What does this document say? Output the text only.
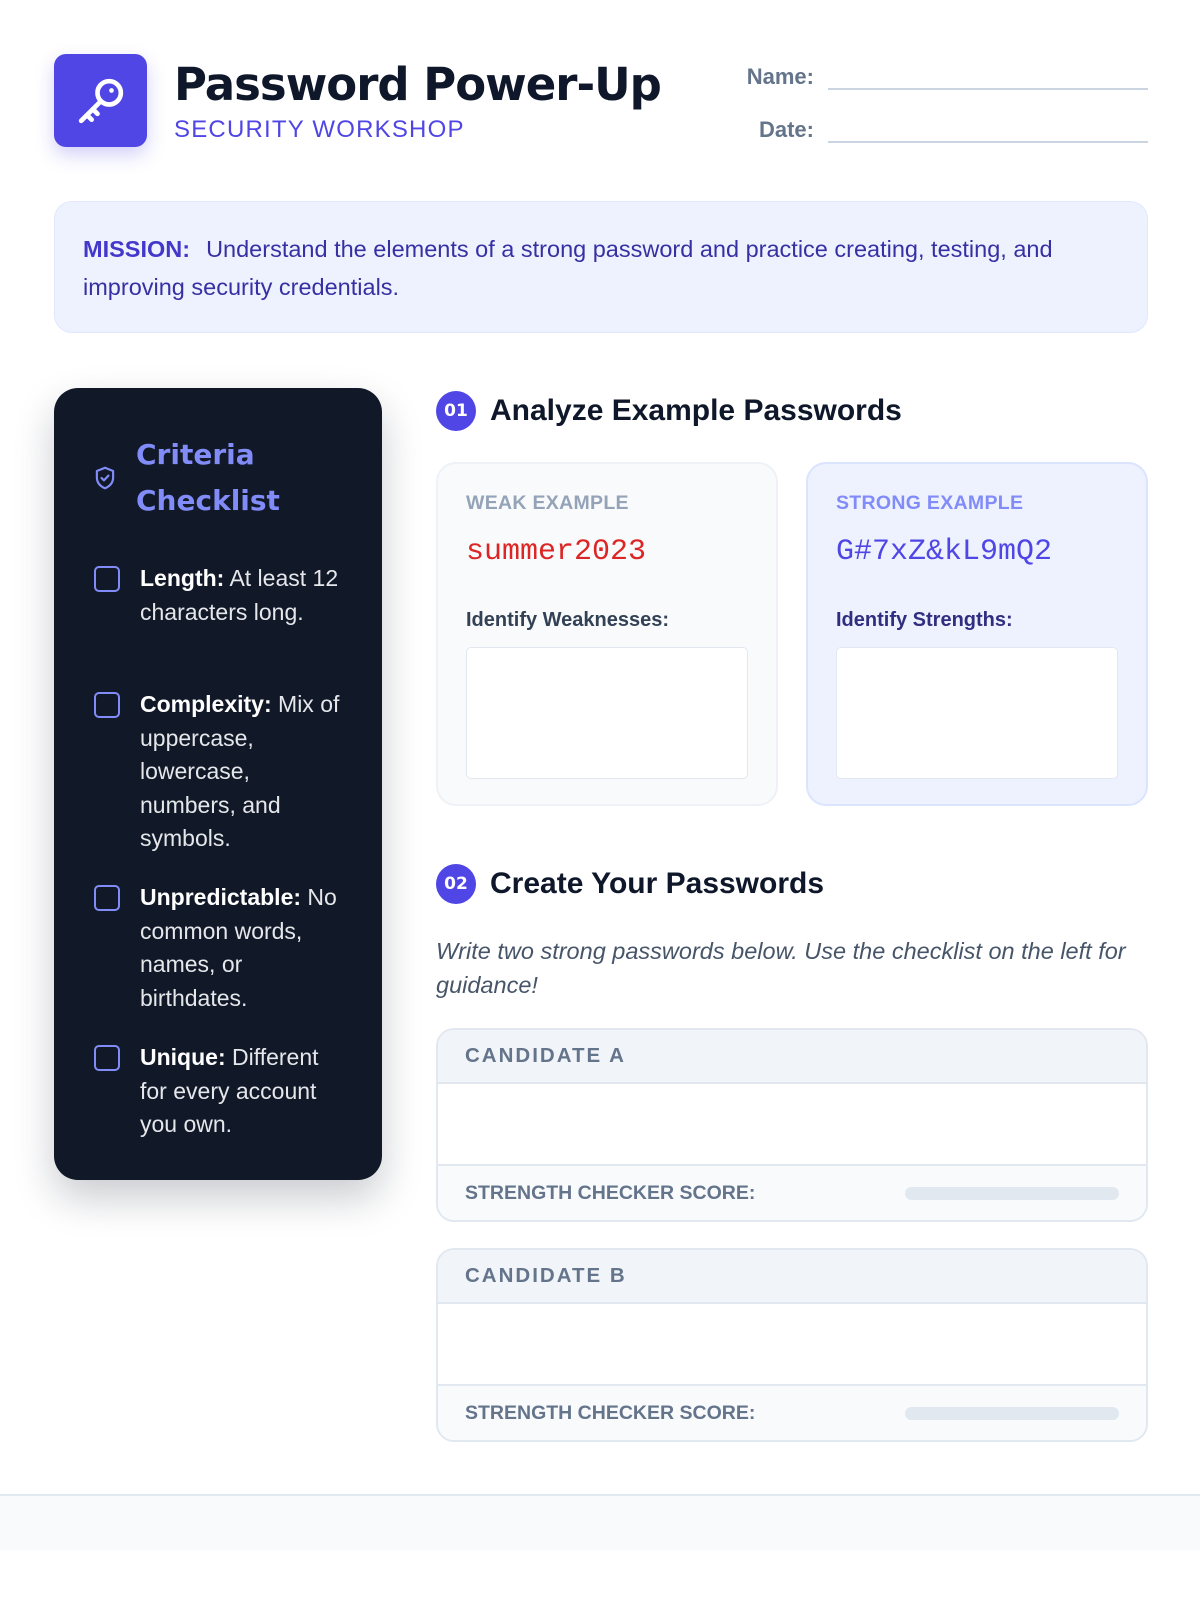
Password Power-Up
SECURITY WORKSHOP
Name:
Date:
MISSION: Understand the elements of a strong password and practice creating, testing, and improving security credentials.
Criteria Checklist
Length: At least 12 characters long.
Complexity: Mix of uppercase, lowercase, numbers, and symbols.
Unpredictable: No common words, names, or birthdates.
Unique: Different for every account you own.
01 Analyze Example Passwords
WEAK EXAMPLE
summer2023
Identify Weaknesses:
STRONG EXAMPLE
G#7xZ&kL9mQ2
Identify Strengths:
02 Create Your Passwords
Write two strong passwords below. Use the checklist on the left for guidance!
CANDIDATE A
STRENGTH CHECKER SCORE:
CANDIDATE B
STRENGTH CHECKER SCORE:
